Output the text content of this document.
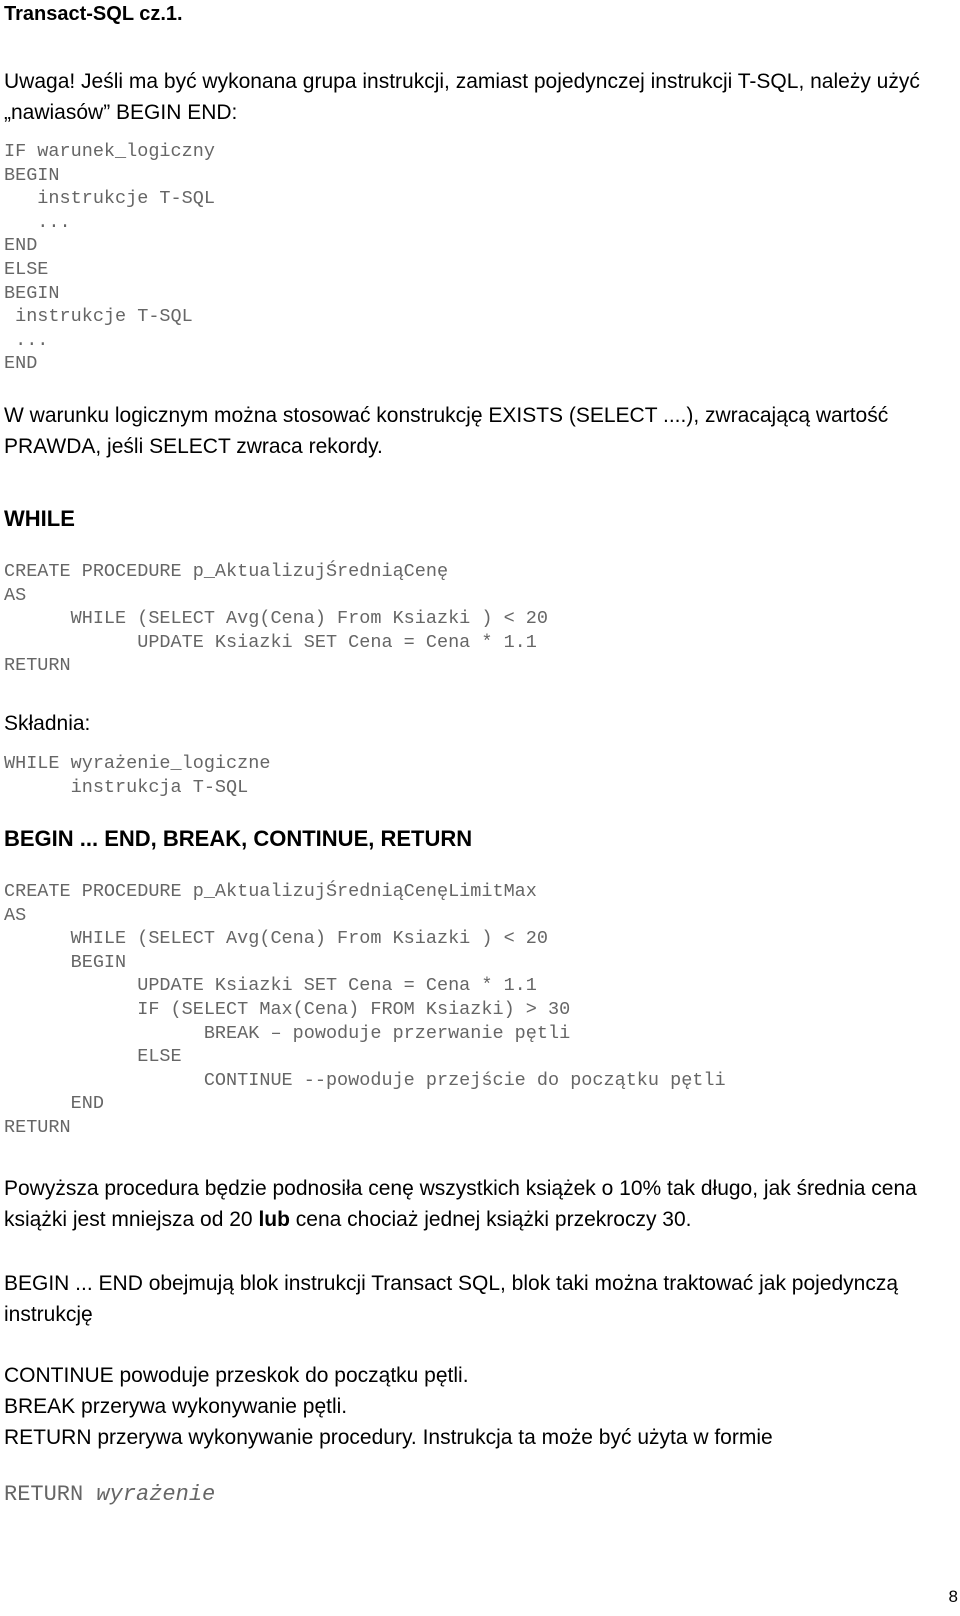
Transact-SQL cz.1.

Uwaga! Jeśli ma być wykonana grupa instrukcji, zamiast pojedynczej instrukcji T-SQL, należy użyć „nawiasów” BEGIN END:

IF warunek_logiczny
BEGIN
instrukcje T-SQL
...
END
ELSE
BEGIN
instrukcje T-SQL
...
END

W warunku logicznym można stosować konstrukcję EXISTS (SELECT ....), zwracającą wartość PRAWDA, jeśli SELECT zwraca rekordy.

WHILE
CREATE PROCEDURE p_AktualizujŚredniąCenę
AS
WHILE (SELECT Avg(Cena) From Ksiazki ) < 20
UPDATE Ksiazki SET Cena = Cena * 1.1
RETURN

Składnia:

WHILE wyrażenie_logiczne
instrukcja T-SQL
BEGIN ... END, BREAK, CONTINUE, RETURN
CREATE PROCEDURE p_AktualizujŚredniąCenęLimitMax
AS
WHILE (SELECT Avg(Cena) From Ksiazki ) < 20
BEGIN
UPDATE Ksiazki SET Cena = Cena * 1.1
IF (SELECT Max(Cena) FROM Ksiazki) > 30
BREAK – powoduje przerwanie pętli
ELSE
CONTINUE --powoduje przejście do początku pętli
END
RETURN

Powyższa procedura będzie podnosiła cenę wszystkich książek o 10% tak długo, jak średnia cena książki jest mniejsza od 20 lub cena chociaż jednej książki przekroczy 30.

BEGIN ... END obejmują blok instrukcji Transact SQL, blok taki można traktować jak pojedynczą instrukcję

CONTINUE powoduje przeskok do początku pętli.

BREAK przerywa wykonywanie pętli.

RETURN przerywa wykonywanie procedury. Instrukcja ta może być użyta w formie

RETURN wyrażenie
8
